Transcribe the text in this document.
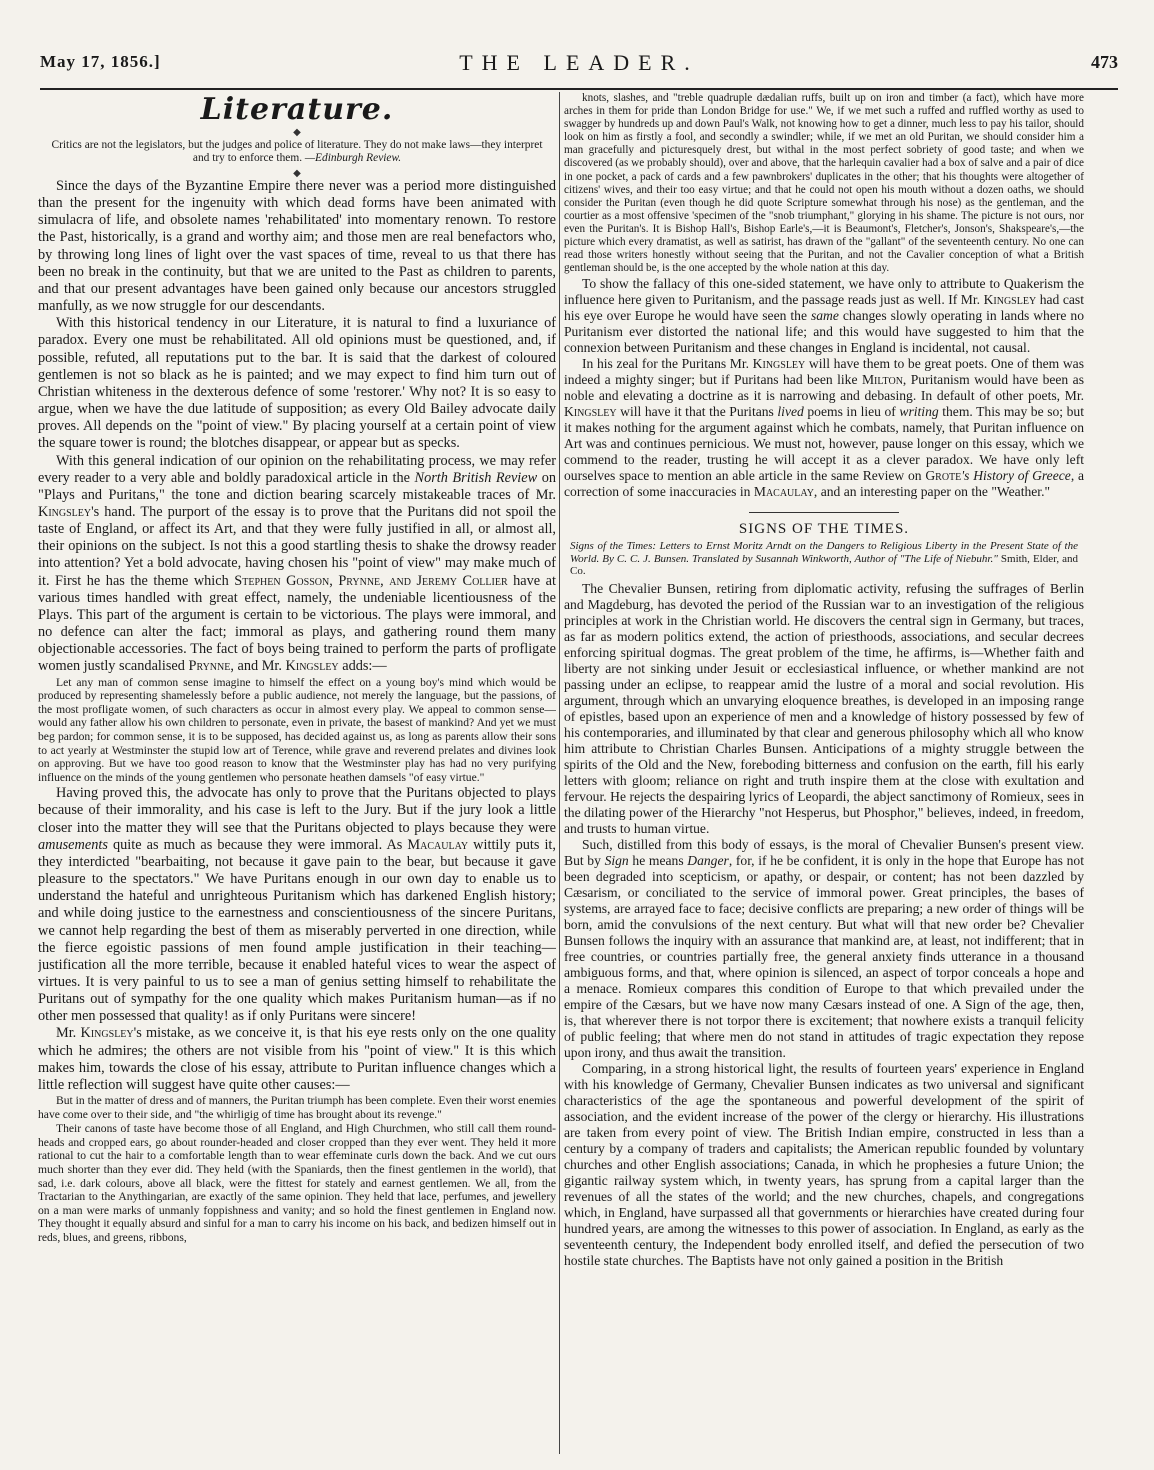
May 17, 1856.]	THE LEADER.	473
Literature.
◆
Critics are not the legislators, but the judges and police of literature. They do not make laws—they interpret and try to enforce them. —Edinburgh Review.
◆

Since the days of the Byzantine Empire there never was a period more distinguished than the present for the ingenuity with which dead forms have been animated with simulacra of life, and obsolete names 'rehabilitated' into momentary renown. To restore the Past, historically, is a grand and worthy aim; and those men are real benefactors who, by throwing long lines of light over the vast spaces of time, reveal to us that there has been no break in the continuity, but that we are united to the Past as children to parents, and that our present advantages have been gained only because our ancestors struggled manfully, as we now struggle for our descendants.

With this historical tendency in our Literature, it is natural to find a luxuriance of paradox. Every one must be rehabilitated. All old opinions must be questioned, and, if possible, refuted, all reputations put to the bar. It is said that the darkest of coloured gentlemen is not so black as he is painted; and we may expect to find him turn out of Christian whiteness in the dexterous defence of some 'restorer.' Why not? It is so easy to argue, when we have the due latitude of supposition; as every Old Bailey advocate daily proves. All depends on the "point of view." By placing yourself at a certain point of view the square tower is round; the blotches disappear, or appear but as specks.

With this general indication of our opinion on the rehabilitating process, we may refer every reader to a very able and boldly paradoxical article in the North British Review on "Plays and Puritans," the tone and diction bearing scarcely mistakeable traces of Mr. Kingsley's hand. The purport of the essay is to prove that the Puritans did not spoil the taste of England, or affect its Art, and that they were fully justified in all, or almost all, their opinions on the subject. Is not this a good startling thesis to shake the drowsy reader into attention? Yet a bold advocate, having chosen his "point of view" may make much of it. First he has the theme which Stephen Gosson, Prynne, and Jeremy Collier have at various times handled with great effect, namely, the undeniable licentiousness of the Plays. This part of the argument is certain to be victorious. The plays were immoral, and no defence can alter the fact; immoral as plays, and gathering round them many objectionable accessories. The fact of boys being trained to perform the parts of profligate women justly scandalised Prynne, and Mr. Kingsley adds:—

Let any man of common sense imagine to himself the effect on a young boy's mind which would be produced by representing shamelessly before a public audience, not merely the language, but the passions, of the most profligate women, of such characters as occur in almost every play. We appeal to common sense—would any father allow his own children to personate, even in private, the basest of mankind? And yet we must beg pardon; for common sense, it is to be supposed, has decided against us, as long as parents allow their sons to act yearly at Westminster the stupid low art of Terence, while grave and reverend prelates and divines look on approving. But we have too good reason to know that the Westminster play has had no very purifying influence on the minds of the young gentlemen who personate heathen damsels "of easy virtue."

Having proved this, the advocate has only to prove that the Puritans objected to plays because of their immorality, and his case is left to the Jury. But if the jury look a little closer into the matter they will see that the Puritans objected to plays because they were amusements quite as much as because they were immoral. As Macaulay wittily puts it, they interdicted "bearbaiting, not because it gave pain to the bear, but because it gave pleasure to the spectators." We have Puritans enough in our own day to enable us to understand the hateful and unrighteous Puritanism which has darkened English history; and while doing justice to the earnestness and conscientiousness of the sincere Puritans, we cannot help regarding the best of them as miserably perverted in one direction, while the fierce egoistic passions of men found ample justification in their teaching—justification all the more terrible, because it enabled hateful vices to wear the aspect of virtues. It is very painful to us to see a man of genius setting himself to rehabilitate the Puritans out of sympathy for the one quality which makes Puritanism human—as if no other men possessed that quality! as if only Puritans were sincere!

Mr. Kingsley's mistake, as we conceive it, is that his eye rests only on the one quality which he admires; the others are not visible from his "point of view." It is this which makes him, towards the close of his essay, attribute to Puritan influence changes which a little reflection will suggest have quite other causes:—

But in the matter of dress and of manners, the Puritan triumph has been complete. Even their worst enemies have come over to their side, and "the whirligig of time has brought about its revenge."
Their canons of taste have become those of all England, and High Churchmen, who still call them round-heads and cropped ears, go about rounder-headed and closer cropped than they ever went. They held it more rational to cut the hair to a comfortable length than to wear effeminate curls down the back. And we cut ours much shorter than they ever did. They held (with the Spaniards, then the finest gentlemen in the world), that sad, i.e. dark colours, above all black, were the fittest for stately and earnest gentlemen. We all, from the Tractarian to the Anythingarian, are exactly of the same opinion. They held that lace, perfumes, and jewellery on a man were marks of unmanly foppishness and vanity; and so hold the finest gentlemen in England now. They thought it equally absurd and sinful for a man to carry his income on his back, and bedizen himself out in reds, blues, and greens, ribbons,
knots, slashes, and "treble quadruple dædalian ruffs, built up on iron and timber (a fact), which have more arches in them for pride than London Bridge for use." We, if we met such a ruffed and ruffled worthy as used to swagger by hundreds up and down Paul's Walk, not knowing how to get a dinner, much less to pay his tailor, should look on him as firstly a fool, and secondly a swindler; while, if we met an old Puritan, we should consider him a man gracefully and picturesquely drest, but withal in the most perfect sobriety of good taste; and when we discovered (as we probably should), over and above, that the harlequin cavalier had a box of salve and a pair of dice in one pocket, a pack of cards and a few pawnbrokers' duplicates in the other; that his thoughts were altogether of citizens' wives, and their too easy virtue; and that he could not open his mouth without a dozen oaths, we should consider the Puritan (even though he did quote Scripture somewhat through his nose) as the gentleman, and the courtier as a most offensive 'specimen of the "snob triumphant," glorying in his shame. The picture is not ours, nor even the Puritan's. It is Bishop Hall's, Bishop Earle's,—it is Beaumont's, Fletcher's, Jonson's, Shakspeare's,—the picture which every dramatist, as well as satirist, has drawn of the "gallant" of the seventeenth century. No one can read those writers honestly without seeing that the Puritan, and not the Cavalier conception of what a British gentleman should be, is the one accepted by the whole nation at this day.

To show the fallacy of this one-sided statement, we have only to attribute to Quakerism the influence here given to Puritanism, and the passage reads just as well. If Mr. Kingsley had cast his eye over Europe he would have seen the same changes slowly operating in lands where no Puritanism ever distorted the national life; and this would have suggested to him that the connexion between Puritanism and these changes in England is incidental, not causal.

In his zeal for the Puritans Mr. Kingsley will have them to be great poets. One of them was indeed a mighty singer; but if Puritans had been like Milton, Puritanism would have been as noble and elevating a doctrine as it is narrowing and debasing. In default of other poets, Mr. Kingsley will have it that the Puritans lived poems in lieu of writing them. This may be so; but it makes nothing for the argument against which he combats, namely, that Puritan influence on Art was and continues pernicious. We must not, however, pause longer on this essay, which we commend to the reader, trusting he will accept it as a clever paradox. We have only left ourselves space to mention an able article in the same Review on Grote's History of Greece, a correction of some inaccuracies in Macaulay, and an interesting paper on the "Weather."

SIGNS OF THE TIMES.
Signs of the Times: Letters to Ernst Moritz Arndt on the Dangers to Religious Liberty in the Present State of the World. By C. C. J. Bunsen. Translated by Susannah Winkworth, Author of "The Life of Niebuhr." Smith, Elder, and Co.

The Chevalier Bunsen, retiring from diplomatic activity, refusing the suffrages of Berlin and Magdeburg, has devoted the period of the Russian war to an investigation of the religious principles at work in the Christian world. He discovers the central sign in Germany, but traces, as far as modern politics extend, the action of priesthoods, associations, and secular decrees enforcing spiritual dogmas. The great problem of the time, he affirms, is—Whether faith and liberty are not sinking under Jesuit or ecclesiastical influence, or whether mankind are not passing under an eclipse, to reappear amid the lustre of a moral and social revolution. His argument, through which an unvarying eloquence breathes, is developed in an imposing range of epistles, based upon an experience of men and a knowledge of history possessed by few of his contemporaries, and illuminated by that clear and generous philosophy which all who know him attribute to Christian Charles Bunsen. Anticipations of a mighty struggle between the spirits of the Old and the New, foreboding bitterness and confusion on the earth, fill his early letters with gloom; reliance on right and truth inspire them at the close with exultation and fervour. He rejects the despairing lyrics of Leopardi, the abject sanctimony of Romieux, sees in the dilating power of the Hierarchy "not Hesperus, but Phosphor," believes, indeed, in freedom, and trusts to human virtue.

Such, distilled from this body of essays, is the moral of Chevalier Bunsen's present view. But by Sign he means Danger, for, if he be confident, it is only in the hope that Europe has not been degraded into scepticism, or apathy, or despair, or content; has not been dazzled by Cæsarism, or conciliated to the service of immoral power. Great principles, the bases of systems, are arrayed face to face; decisive conflicts are preparing; a new order of things will be born, amid the convulsions of the next century. But what will that new order be? Chevalier Bunsen follows the inquiry with an assurance that mankind are, at least, not indifferent; that in free countries, or countries partially free, the general anxiety finds utterance in a thousand ambiguous forms, and that, where opinion is silenced, an aspect of torpor conceals a hope and a menace. Romieux compares this condition of Europe to that which prevailed under the empire of the Cæsars, but we have now many Cæsars instead of one. A Sign of the age, then, is, that wherever there is not torpor there is excitement; that nowhere exists a tranquil felicity of public feeling; that where men do not stand in attitudes of tragic expectation they repose upon irony, and thus await the transition.

Comparing, in a strong historical light, the results of fourteen years' experience in England with his knowledge of Germany, Chevalier Bunsen indicates as two universal and significant characteristics of the age the spontaneous and powerful development of the spirit of association, and the evident increase of the power of the clergy or hierarchy. His illustrations are taken from every point of view. The British Indian empire, constructed in less than a century by a company of traders and capitalists; the American republic founded by voluntary churches and other English associations; Canada, in which he prophesies a future Union; the gigantic railway system which, in twenty years, has sprung from a capital larger than the revenues of all the states of the world; and the new churches, chapels, and congregations which, in England, have surpassed all that governments or hierarchies have created during four hundred years, are among the witnesses to this power of association. In England, as early as the seventeenth century, the Independent body enrolled itself, and defied the persecution of two hostile state churches. The Baptists have not only gained a position in the British
